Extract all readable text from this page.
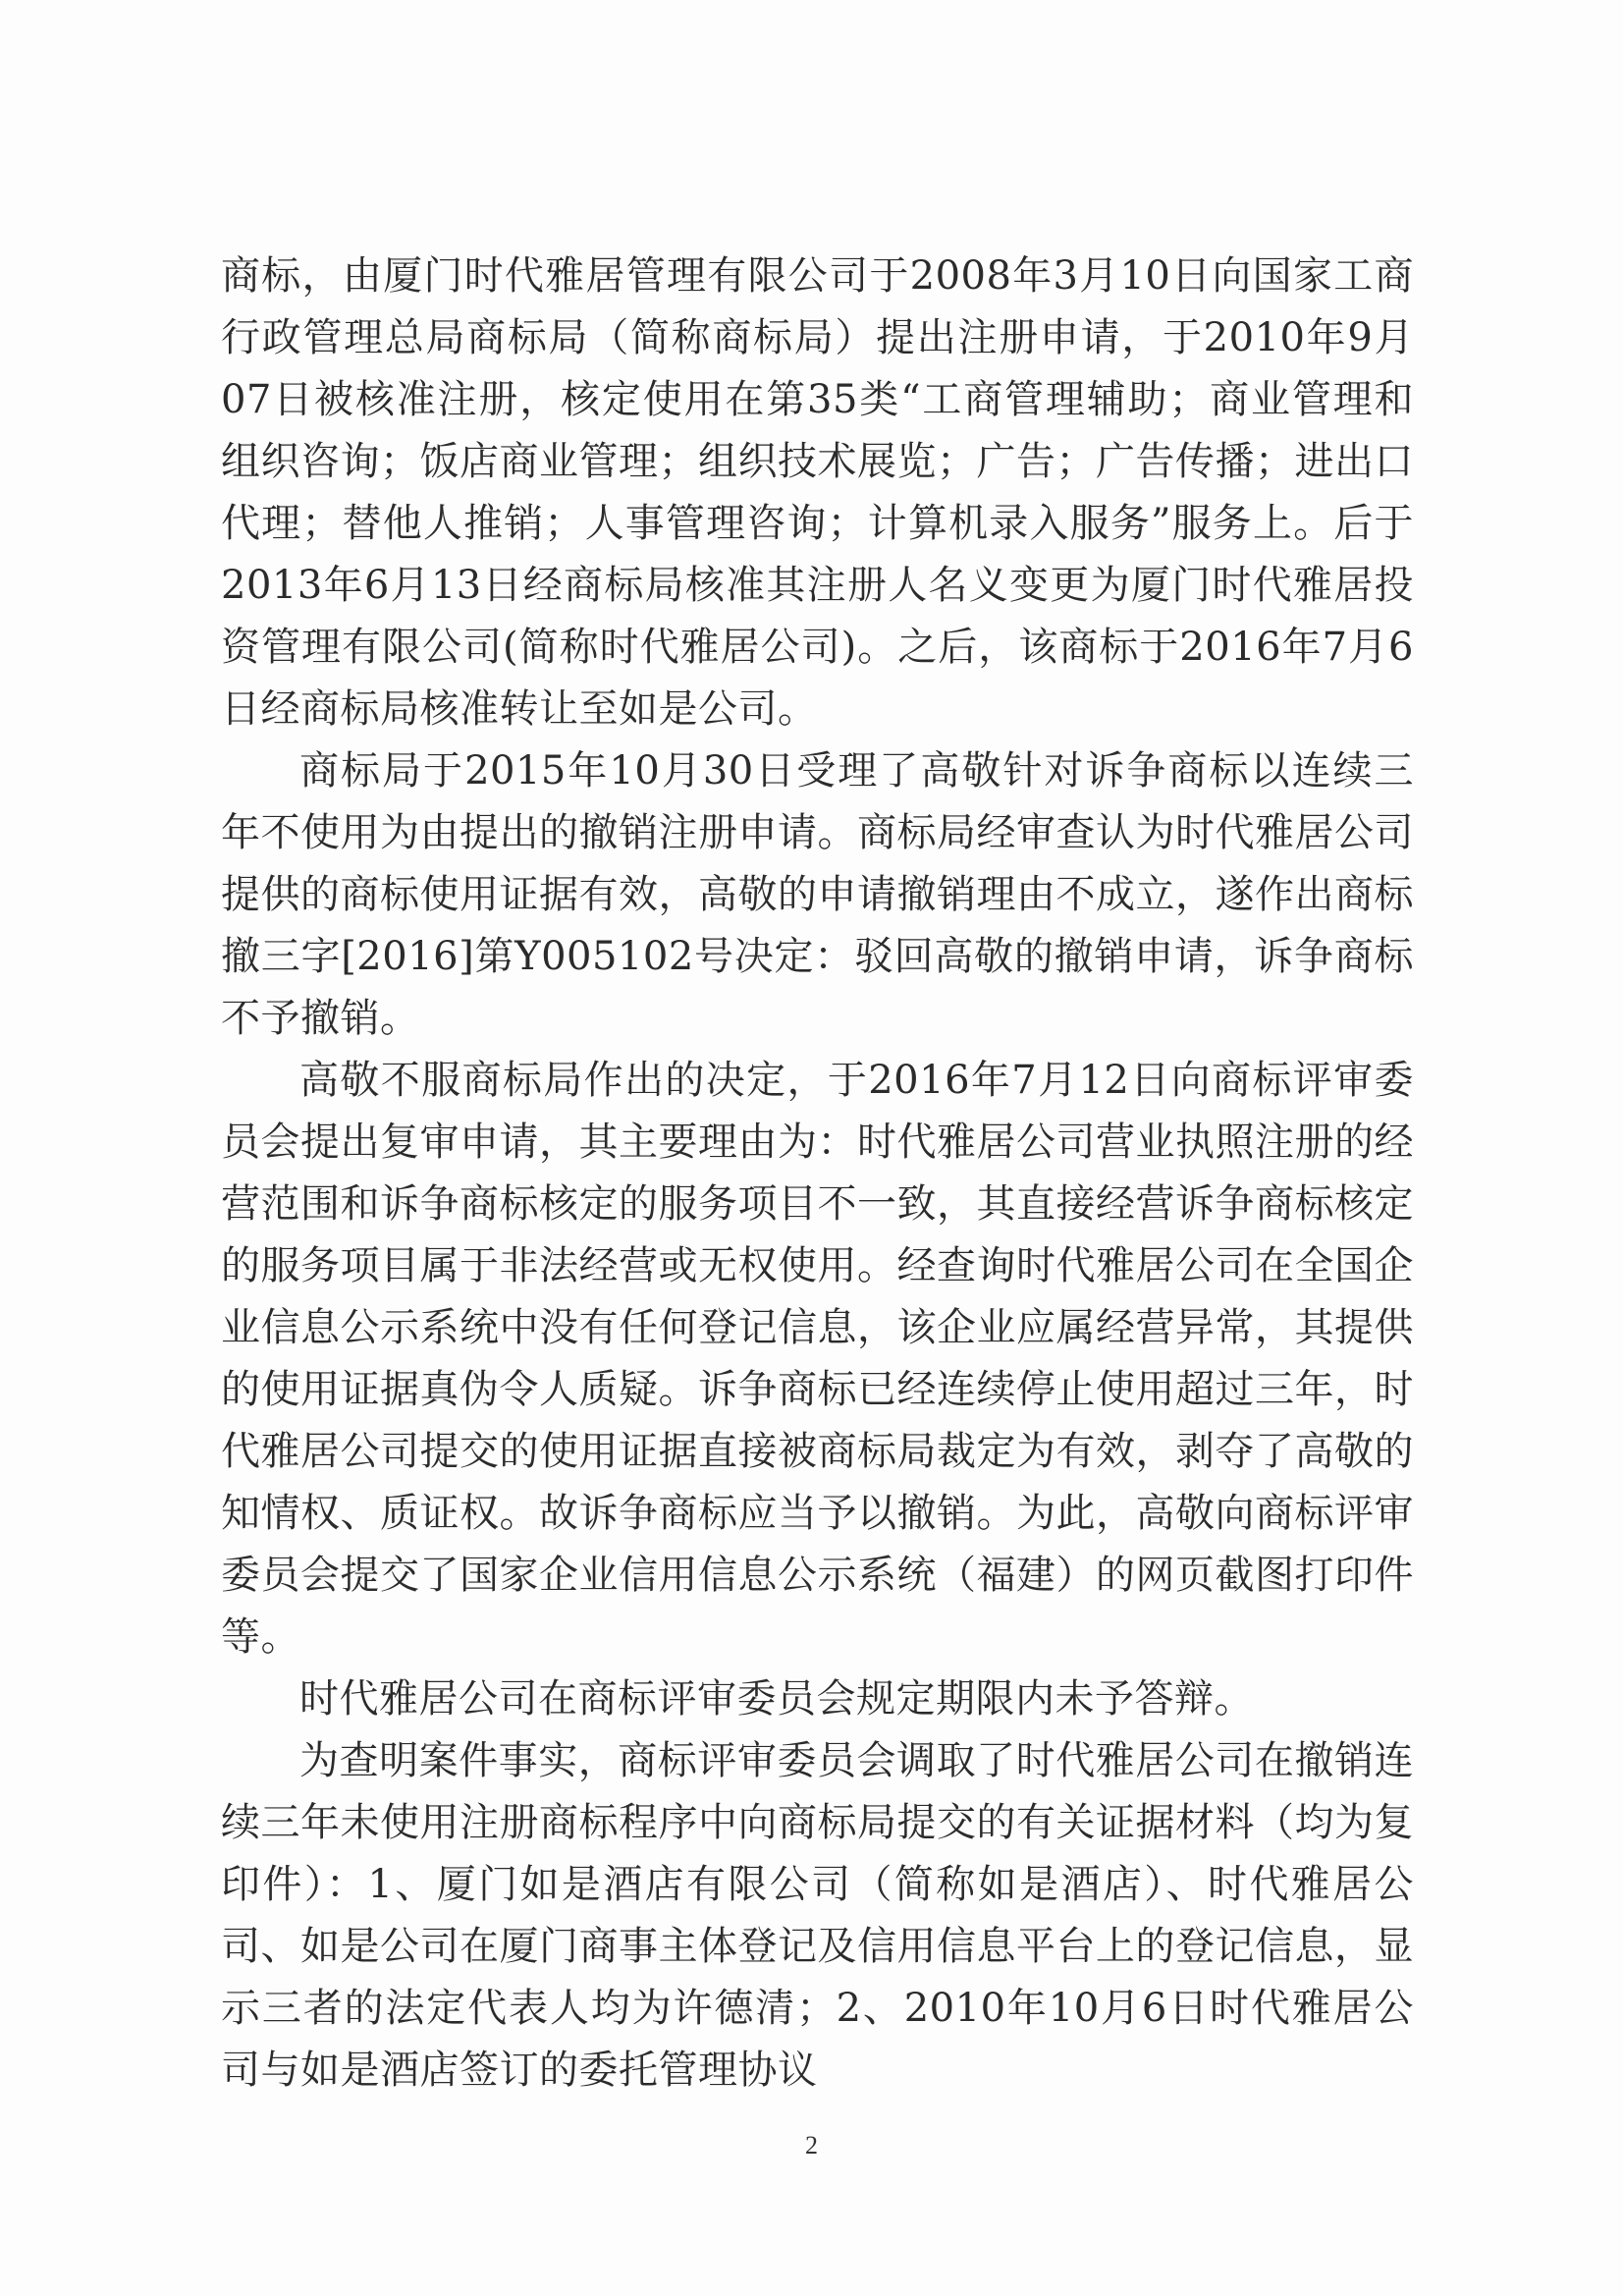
商标，由厦门时代雅居管理有限公司于2008年3月10日向国家工商行政管理总局商标局（简称商标局）提出注册申请，于2010年9月07日被核准注册，核定使用在第35类“工商管理辅助；商业管理和组织咨询；饭店商业管理；组织技术展览；广告；广告传播；进出口代理；替他人推销；人事管理咨询；计算机录入服务”服务上。后于2013年6月13日经商标局核准其注册人名义变更为厦门时代雅居投资管理有限公司(简称时代雅居公司)。之后，该商标于2016年7月6日经商标局核准转让至如是公司。

商标局于2015年10月30日受理了高敬针对诉争商标以连续三年不使用为由提出的撤销注册申请。商标局经审查认为时代雅居公司提供的商标使用证据有效，高敬的申请撤销理由不成立，遂作出商标撤三字[2016]第Y005102号决定：驳回高敬的撤销申请，诉争商标不予撤销。

高敬不服商标局作出的决定，于2016年7月12日向商标评审委员会提出复审申请，其主要理由为：时代雅居公司营业执照注册的经营范围和诉争商标核定的服务项目不一致，其直接经营诉争商标核定的服务项目属于非法经营或无权使用。经查询时代雅居公司在全国企业信息公示系统中没有任何登记信息，该企业应属经营异常，其提供的使用证据真伪令人质疑。诉争商标已经连续停止使用超过三年，时代雅居公司提交的使用证据直接被商标局裁定为有效，剥夺了高敬的知情权、质证权。故诉争商标应当予以撤销。为此，高敬向商标评审委员会提交了国家企业信用信息公示系统（福建）的网页截图打印件等。

时代雅居公司在商标评审委员会规定期限内未予答辩。

为查明案件事实，商标评审委员会调取了时代雅居公司在撤销连续三年未使用注册商标程序中向商标局提交的有关证据材料（均为复印件）：1、厦门如是酒店有限公司（简称如是酒店）、时代雅居公司、如是公司在厦门商事主体登记及信用信息平台上的登记信息，显示三者的法定代表人均为许德清；2、2010年10月6日时代雅居公司与如是酒店签订的委托管理协议

2
